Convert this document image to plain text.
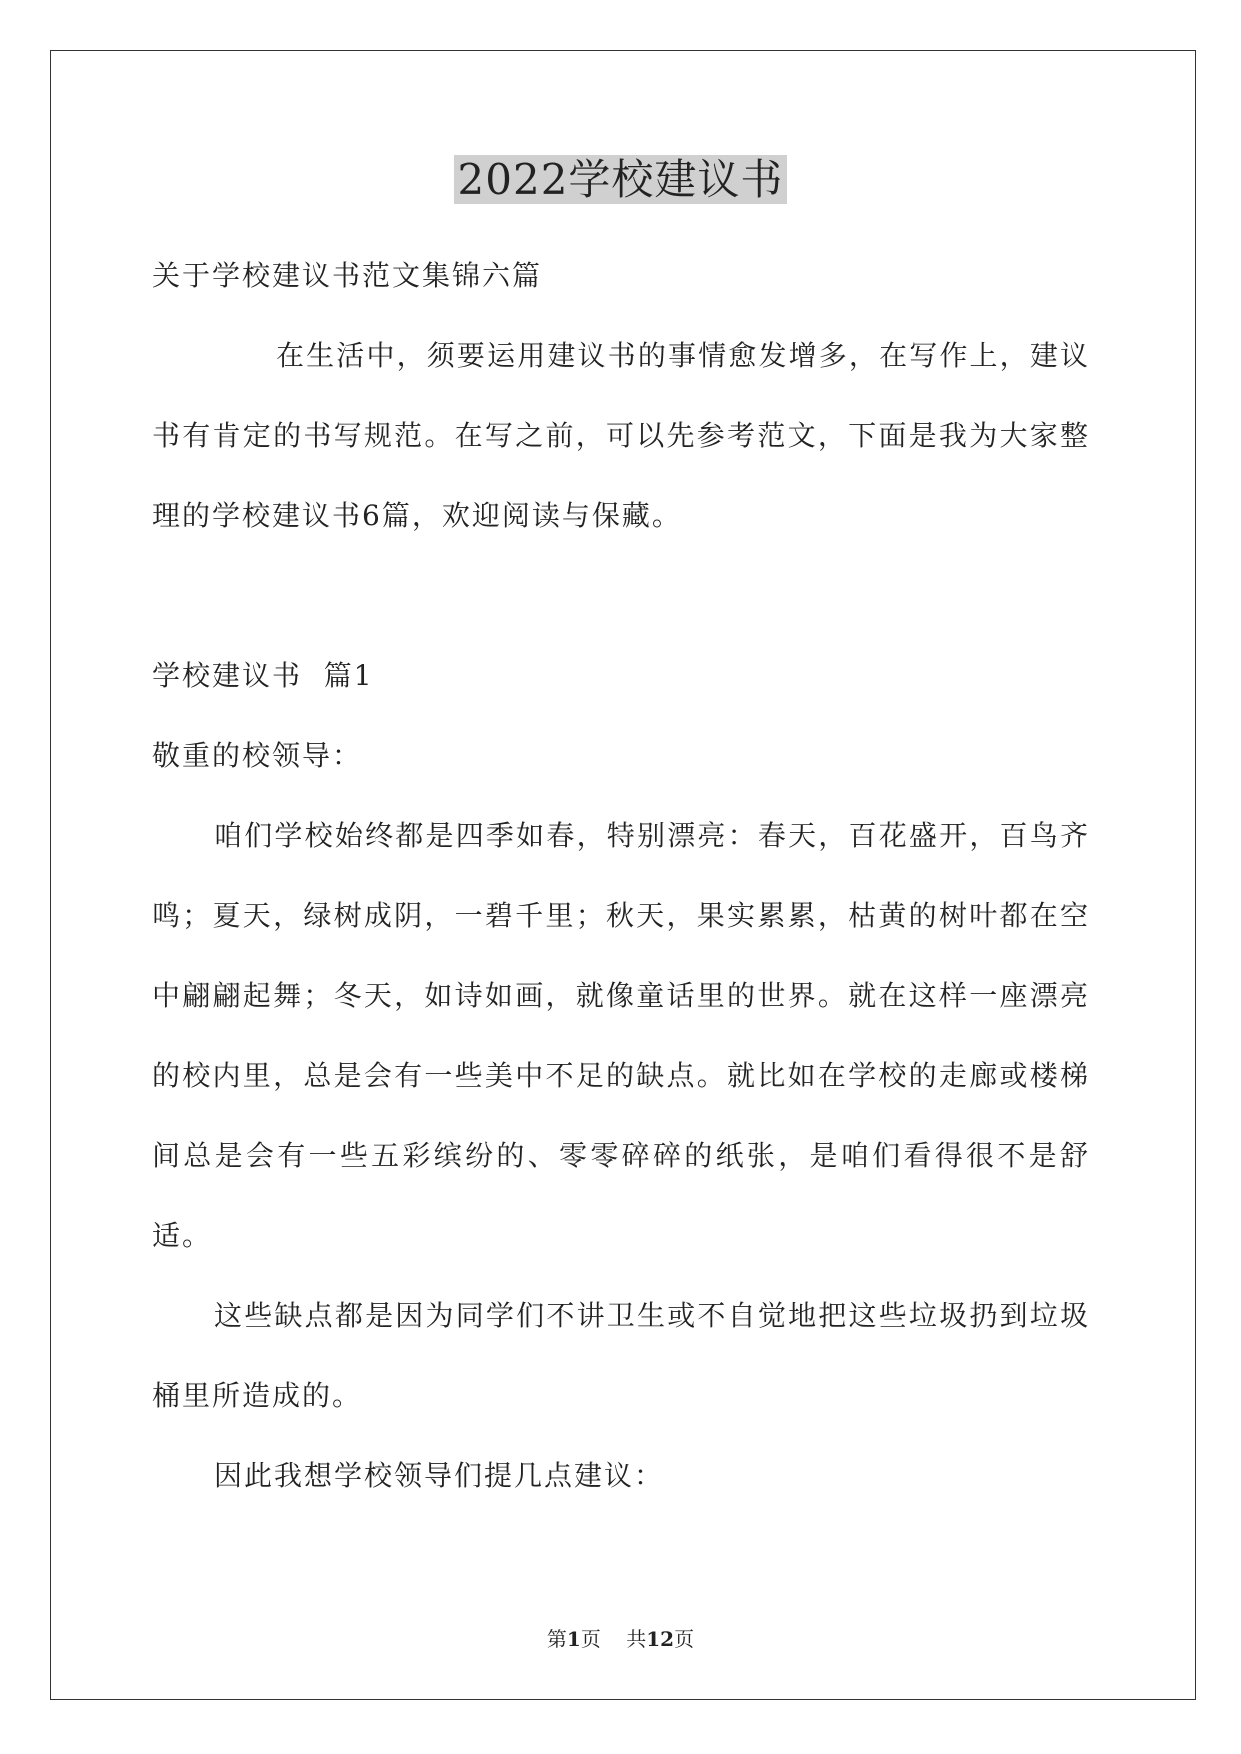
2022学校建议书

关于学校建议书范文集锦六篇

在生活中，须要运用建议书的事情愈发增多，在写作上，建议书有肯定的书写规范。在写之前，可以先参考范文，下面是我为大家整理的学校建议书6篇，欢迎阅读与保藏。

学校建议书  篇1

敬重的校领导：

咱们学校始终都是四季如春，特别漂亮：春天，百花盛开，百鸟齐鸣；夏天，绿树成阴，一碧千里；秋天，果实累累，枯黄的树叶都在空中翩翩起舞；冬天，如诗如画，就像童话里的世界。就在这样一座漂亮的校内里，总是会有一些美中不足的缺点。就比如在学校的走廊或楼梯间总是会有一些五彩缤纷的、零零碎碎的纸张，是咱们看得很不是舒适。

这些缺点都是因为同学们不讲卫生或不自觉地把这些垃圾扔到垃圾桶里所造成的。

因此我想学校领导们提几点建议：

第1页 共12页
